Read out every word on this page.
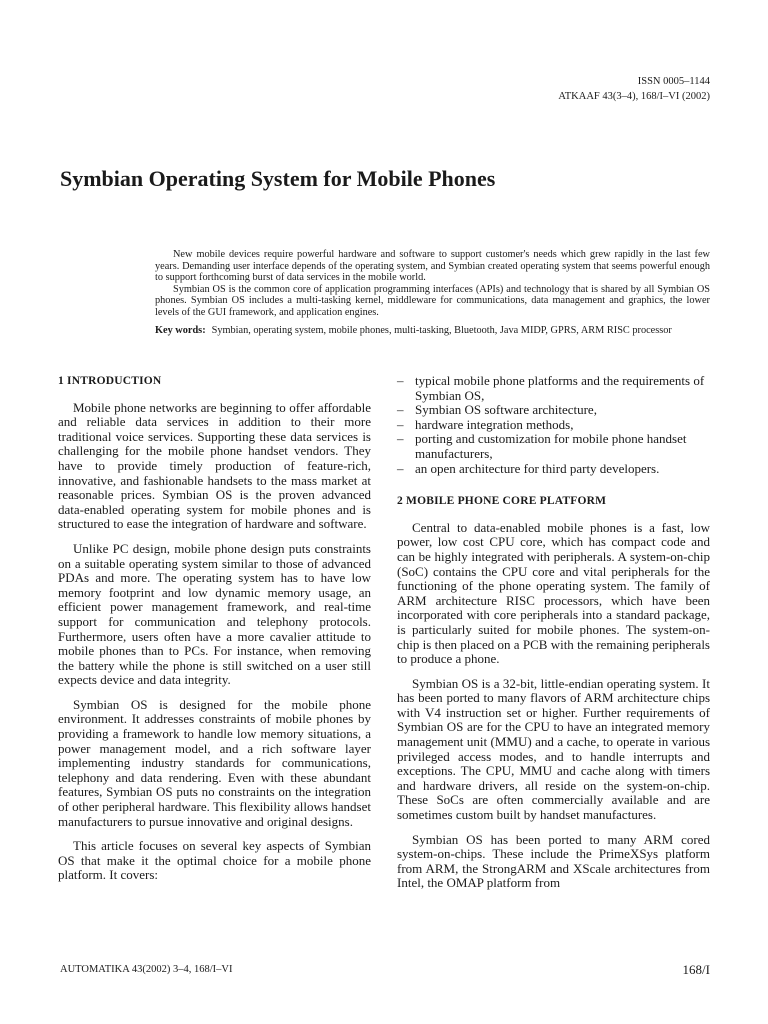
ISSN 0005–1144
ATKAAF 43(3–4), 168/I–VI (2002)
Symbian Operating System for Mobile Phones

New mobile devices require powerful hardware and software to support customer's needs which grew rapidly in the last few years. Demanding user interface depends of the operating system, and Symbian created operating system that seems powerful enough to support forthcoming burst of data services in the mobile world.

Symbian OS is the common core of application programming interfaces (APIs) and technology that is shared by all Symbian OS phones. Symbian OS includes a multi-tasking kernel, middleware for communications, data management and graphics, the lower levels of the GUI framework, and application engines.

Key words: Symbian, operating system, mobile phones, multi-tasking, Bluetooth, Java MIDP, GPRS, ARM RISC processor
1 INTRODUCTION

Mobile phone networks are beginning to offer affordable and reliable data services in addition to their more traditional voice services. Supporting these data services is challenging for the mobile phone handset vendors. They have to provide timely production of feature-rich, innovative, and fashionable handsets to the mass market at reasonable prices. Symbian OS is the proven advanced data-enabled operating system for mobile phones and is structured to ease the integration of hardware and software.

Unlike PC design, mobile phone design puts constraints on a suitable operating system similar to those of advanced PDAs and more. The operating system has to have low memory footprint and low dynamic memory usage, an efficient power management framework, and real-time support for communication and telephony protocols. Furthermore, users often have a more cavalier attitude to mobile phones than to PCs. For instance, when removing the battery while the phone is still switched on a user still expects device and data integrity.

Symbian OS is designed for the mobile phone environment. It addresses constraints of mobile phones by providing a framework to handle low memory situations, a power management model, and a rich software layer implementing industry standards for communications, telephony and data rendering. Even with these abundant features, Symbian OS puts no constraints on the integration of other peripheral hardware. This flexibility allows handset manufacturers to pursue innovative and original designs.

This article focuses on several key aspects of Symbian OS that make it the optimal choice for a mobile phone platform. It covers:

– typical mobile phone platforms and the requirements of Symbian OS,
– Symbian OS software architecture,
– hardware integration methods,
– porting and customization for mobile phone handset manufacturers,
– an open architecture for third party developers.
2 MOBILE PHONE CORE PLATFORM

Central to data-enabled mobile phones is a fast, low power, low cost CPU core, which has compact code and can be highly integrated with peripherals. A system-on-chip (SoC) contains the CPU core and vital peripherals for the functioning of the phone operating system. The family of ARM architecture RISC processors, which have been incorporated with core peripherals into a standard package, is particularly suited for mobile phones. The system-on-chip is then placed on a PCB with the remaining peripherals to produce a phone.

Symbian OS is a 32-bit, little-endian operating system. It has been ported to many flavors of ARM architecture chips with V4 instruction set or higher. Further requirements of Symbian OS are for the CPU to have an integrated memory management unit (MMU) and a cache, to operate in various privileged access modes, and to handle interrupts and exceptions. The CPU, MMU and cache along with timers and hardware drivers, all reside on the system-on-chip. These SoCs are often commercially available and are sometimes custom built by handset manufactures.

Symbian OS has been ported to many ARM cored system-on-chips. These include the PrimeXSys platform from ARM, the StrongARM and XScale architectures from Intel, the OMAP platform from

AUTOMATIKA 43(2002) 3–4, 168/I–VI	168/I
